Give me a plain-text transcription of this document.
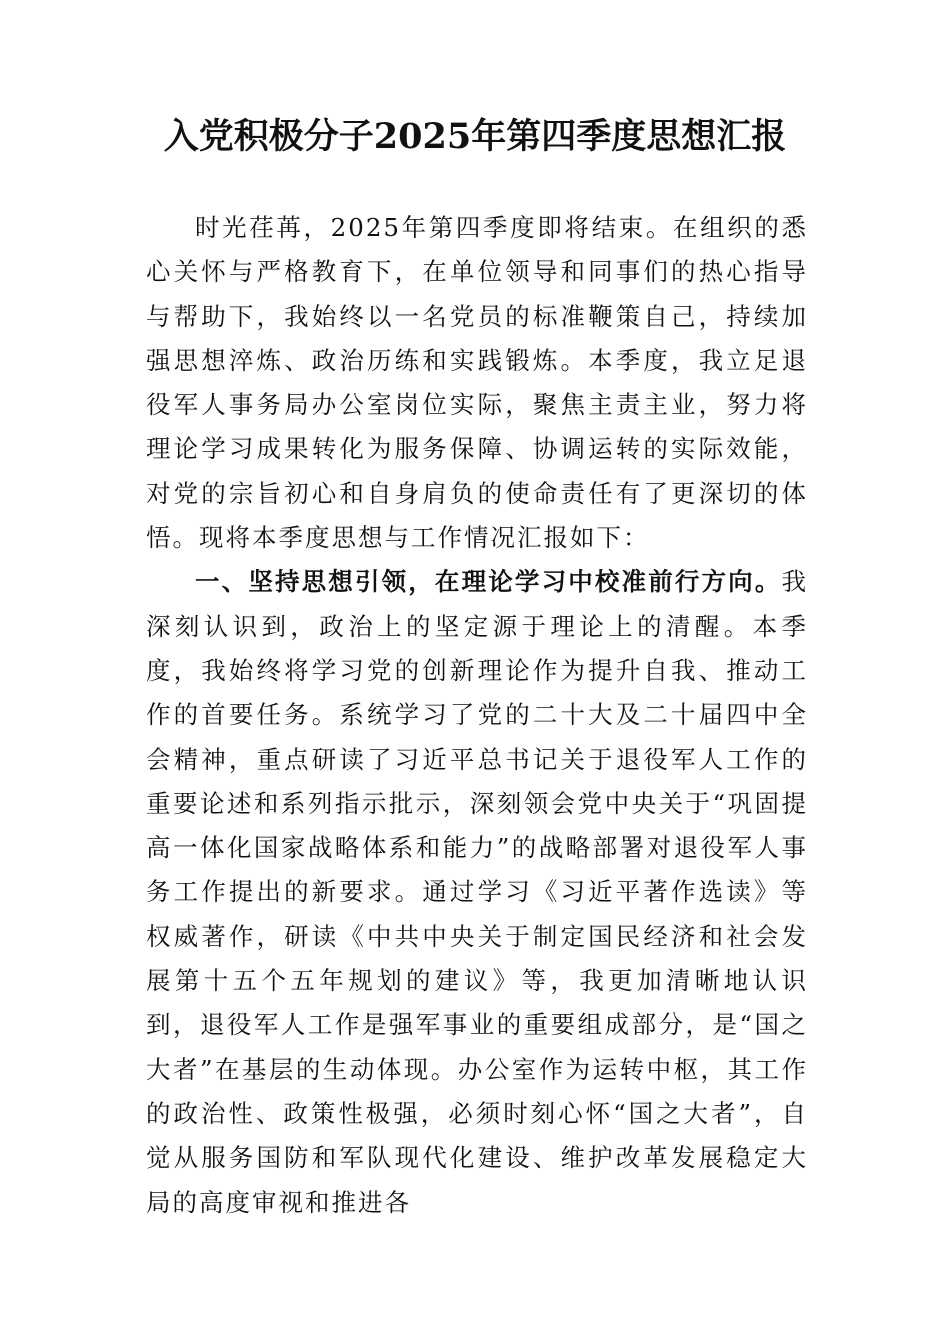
入党积极分子2025年第四季度思想汇报

时光荏苒，2025年第四季度即将结束。在组织的悉心关怀与严格教育下，在单位领导和同事们的热心指导与帮助下，我始终以一名党员的标准鞭策自己，持续加强思想淬炼、政治历练和实践锻炼。本季度，我立足退役军人事务局办公室岗位实际，聚焦主责主业，努力将理论学习成果转化为服务保障、协调运转的实际效能，对党的宗旨初心和自身肩负的使命责任有了更深切的体悟。现将本季度思想与工作情况汇报如下：

一、坚持思想引领，在理论学习中校准前行方向。我深刻认识到，政治上的坚定源于理论上的清醒。本季度，我始终将学习党的创新理论作为提升自我、推动工作的首要任务。系统学习了党的二十大及二十届四中全会精神，重点研读了习近平总书记关于退役军人工作的重要论述和系列指示批示，深刻领会党中央关于“巩固提高一体化国家战略体系和能力”的战略部署对退役军人事务工作提出的新要求。通过学习《习近平著作选读》等权威著作，研读《中共中央关于制定国民经济和社会发展第十五个五年规划的建议》等，我更加清晰地认识到，退役军人工作是强军事业的重要组成部分，是“国之大者”在基层的生动体现。办公室作为运转中枢，其工作的政治性、政策性极强，必须时刻心怀“国之大者”，自觉从服务国防和军队现代化建设、维护改革发展稳定大局的高度审视和推进各
